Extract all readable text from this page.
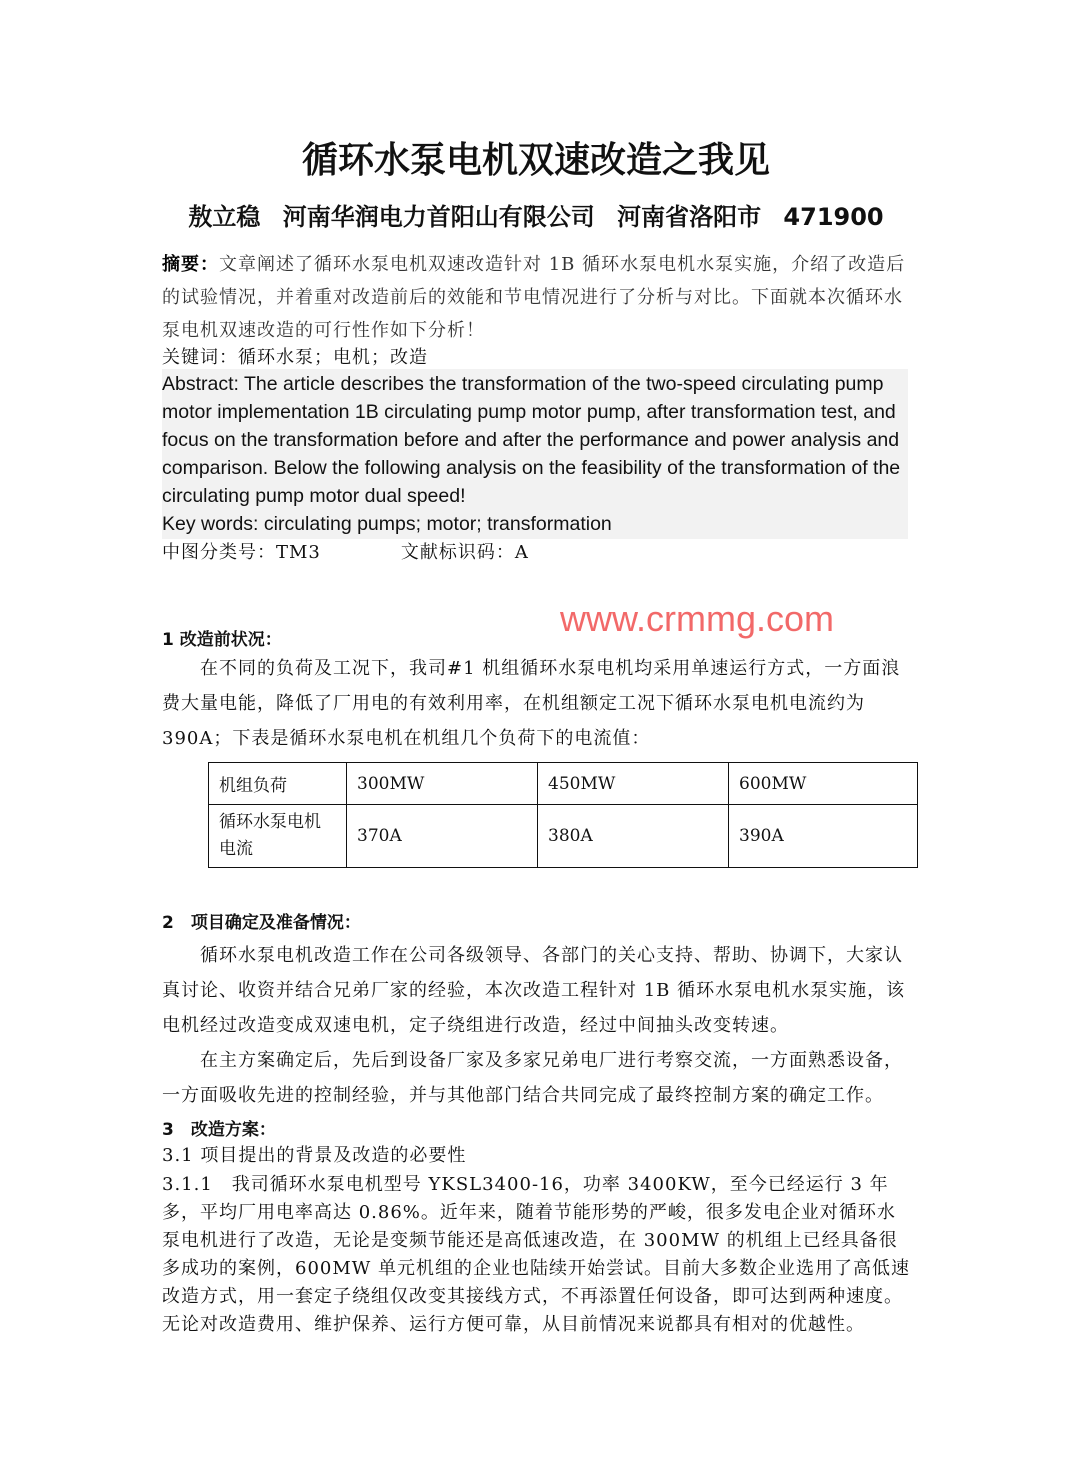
循环水泵电机双速改造之我见
敖立稳 河南华润电力首阳山有限公司 河南省洛阳市 471900
摘要：文章阐述了循环水泵电机双速改造针对 1B 循环水泵电机水泵实施，介绍了改造后的试验情况，并着重对改造前后的效能和节电情况进行了分析与对比。下面就本次循环水泵电机双速改造的可行性作如下分析！
关键词：循环水泵；电机；改造
Abstract: The article describes the transformation of the two-speed circulating pump motor implementation 1B circulating pump motor pump, after transformation test, and focus on the transformation before and after the performance and power analysis and comparison. Below the following analysis on the feasibility of the transformation of the circulating pump motor dual speed!
Key words: circulating pumps; motor; transformation
中图分类号：TM3	文献标识码：A
1 改造前状况：
在不同的负荷及工况下，我司#1 机组循环水泵电机均采用单速运行方式，一方面浪费大量电能，降低了厂用电的有效利用率，在机组额定工况下循环水泵电机电流约为 390A；下表是循环水泵电机在机组几个负荷下的电流值：
机组负荷	300MW	450MW	600MW
循环水泵电机电流	370A	380A	390A
2　项目确定及准备情况：
循环水泵电机改造工作在公司各级领导、各部门的关心支持、帮助、协调下，大家认真讨论、收资并结合兄弟厂家的经验，本次改造工程针对 1B 循环水泵电机水泵实施，该电机经过改造变成双速电机，定子绕组进行改造，经过中间抽头改变转速。
在主方案确定后，先后到设备厂家及多家兄弟电厂进行考察交流，一方面熟悉设备，一方面吸收先进的控制经验，并与其他部门结合共同完成了最终控制方案的确定工作。
3　改造方案：
3.1 项目提出的背景及改造的必要性
3.1.1　我司循环水泵电机型号 YKSL3400-16，功率 3400KW，至今已经运行 3 年多，平均厂用电率高达 0.86%。近年来，随着节能形势的严峻，很多发电企业对循环水泵电机进行了改造，无论是变频节能还是高低速改造，在 300MW 的机组上已经具备很多成功的案例，600MW 单元机组的企业也陆续开始尝试。目前大多数企业选用了高低速改造方式，用一套定子绕组仅改变其接线方式，不再添置任何设备，即可达到两种速度。无论对改造费用、维护保养、运行方便可靠，从目前情况来说都具有相对的优越性。
www.crmmg.com
